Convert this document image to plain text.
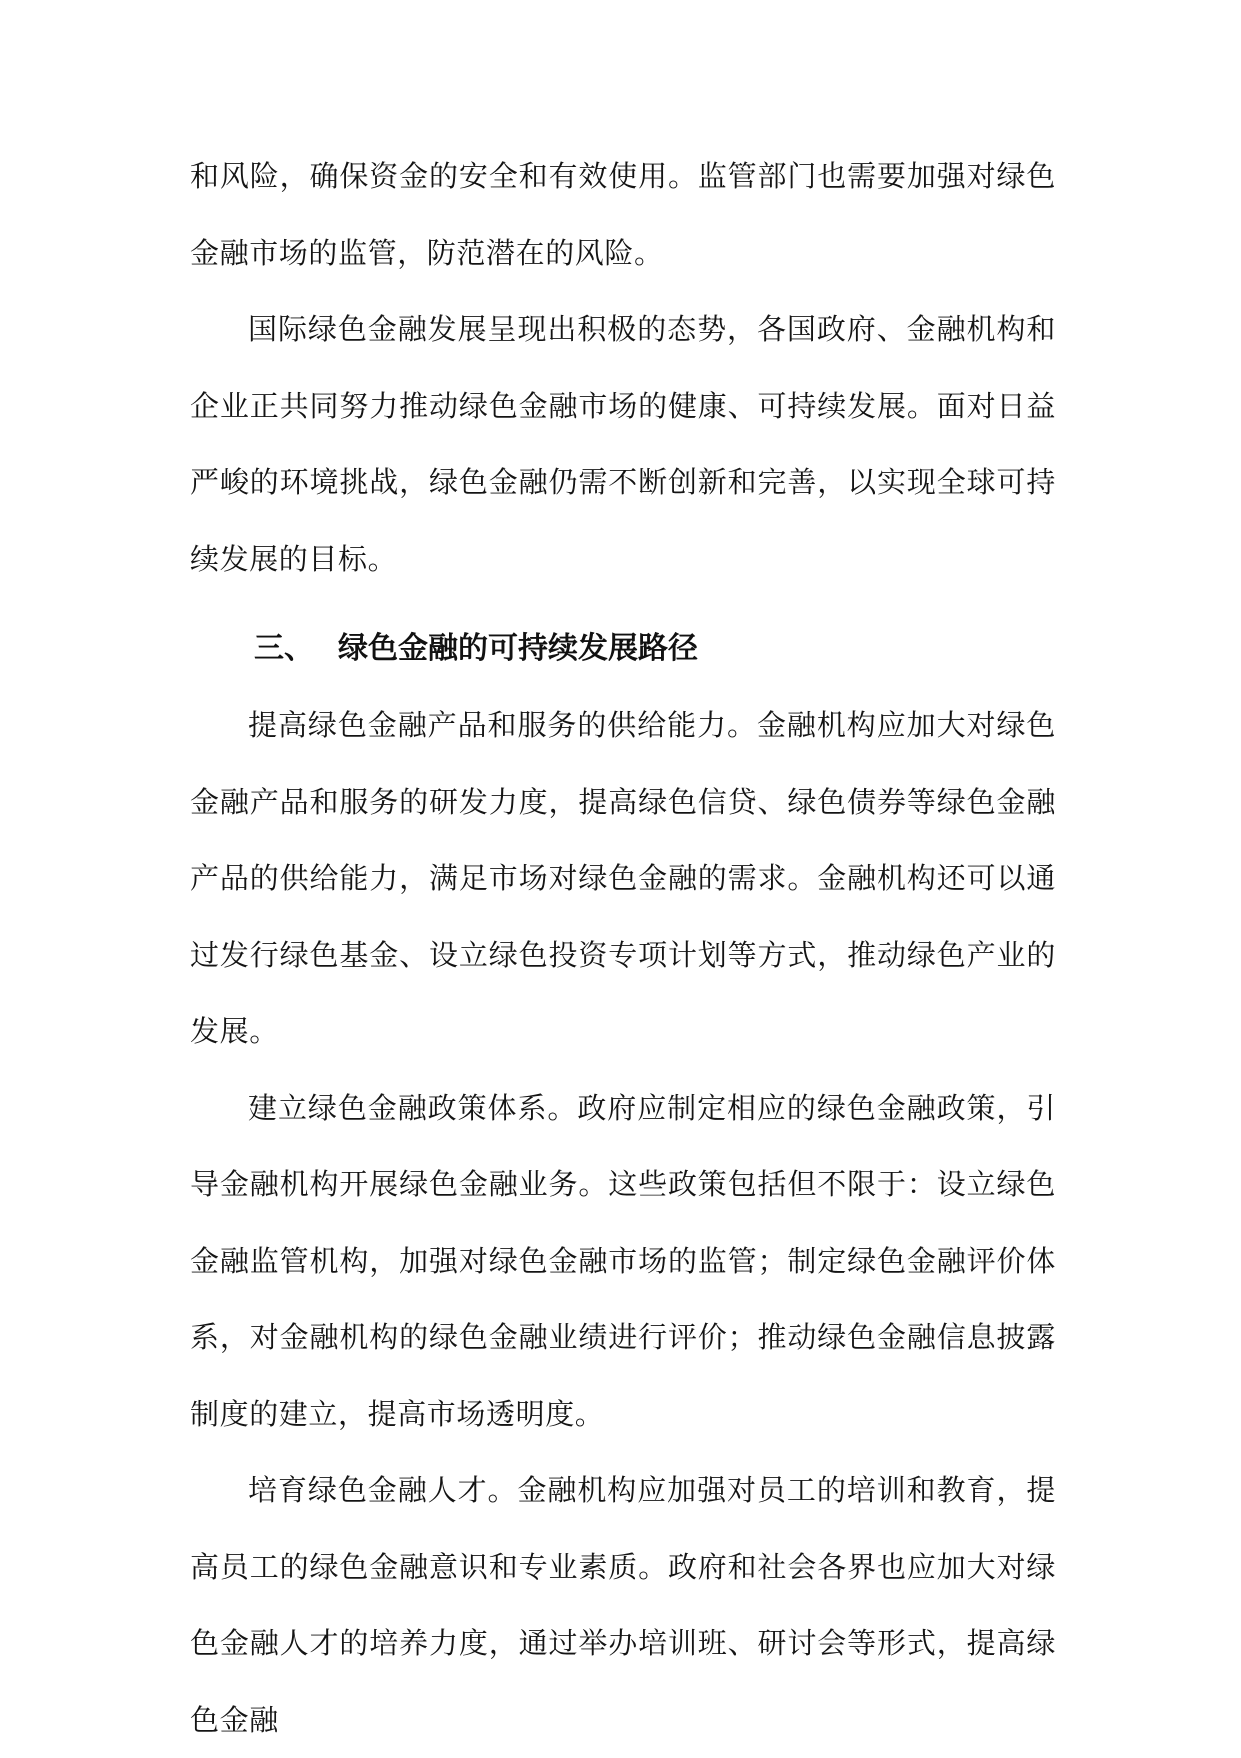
和风险，确保资金的安全和有效使用。监管部门也需要加强对绿色金融市场的监管，防范潜在的风险。

国际绿色金融发展呈现出积极的态势，各国政府、金融机构和企业正共同努力推动绿色金融市场的健康、可持续发展。面对日益严峻的环境挑战，绿色金融仍需不断创新和完善，以实现全球可持续发展的目标。

三、 绿色金融的可持续发展路径

提高绿色金融产品和服务的供给能力。金融机构应加大对绿色金融产品和服务的研发力度，提高绿色信贷、绿色债券等绿色金融产品的供给能力，满足市场对绿色金融的需求。金融机构还可以通过发行绿色基金、设立绿色投资专项计划等方式，推动绿色产业的发展。

建立绿色金融政策体系。政府应制定相应的绿色金融政策，引导金融机构开展绿色金融业务。这些政策包括但不限于：设立绿色金融监管机构，加强对绿色金融市场的监管；制定绿色金融评价体系，对金融机构的绿色金融业绩进行评价；推动绿色金融信息披露制度的建立，提高市场透明度。

培育绿色金融人才。金融机构应加强对员工的培训和教育，提高员工的绿色金融意识和专业素质。政府和社会各界也应加大对绿色金融人才的培养力度，通过举办培训班、研讨会等形式，提高绿色金融
